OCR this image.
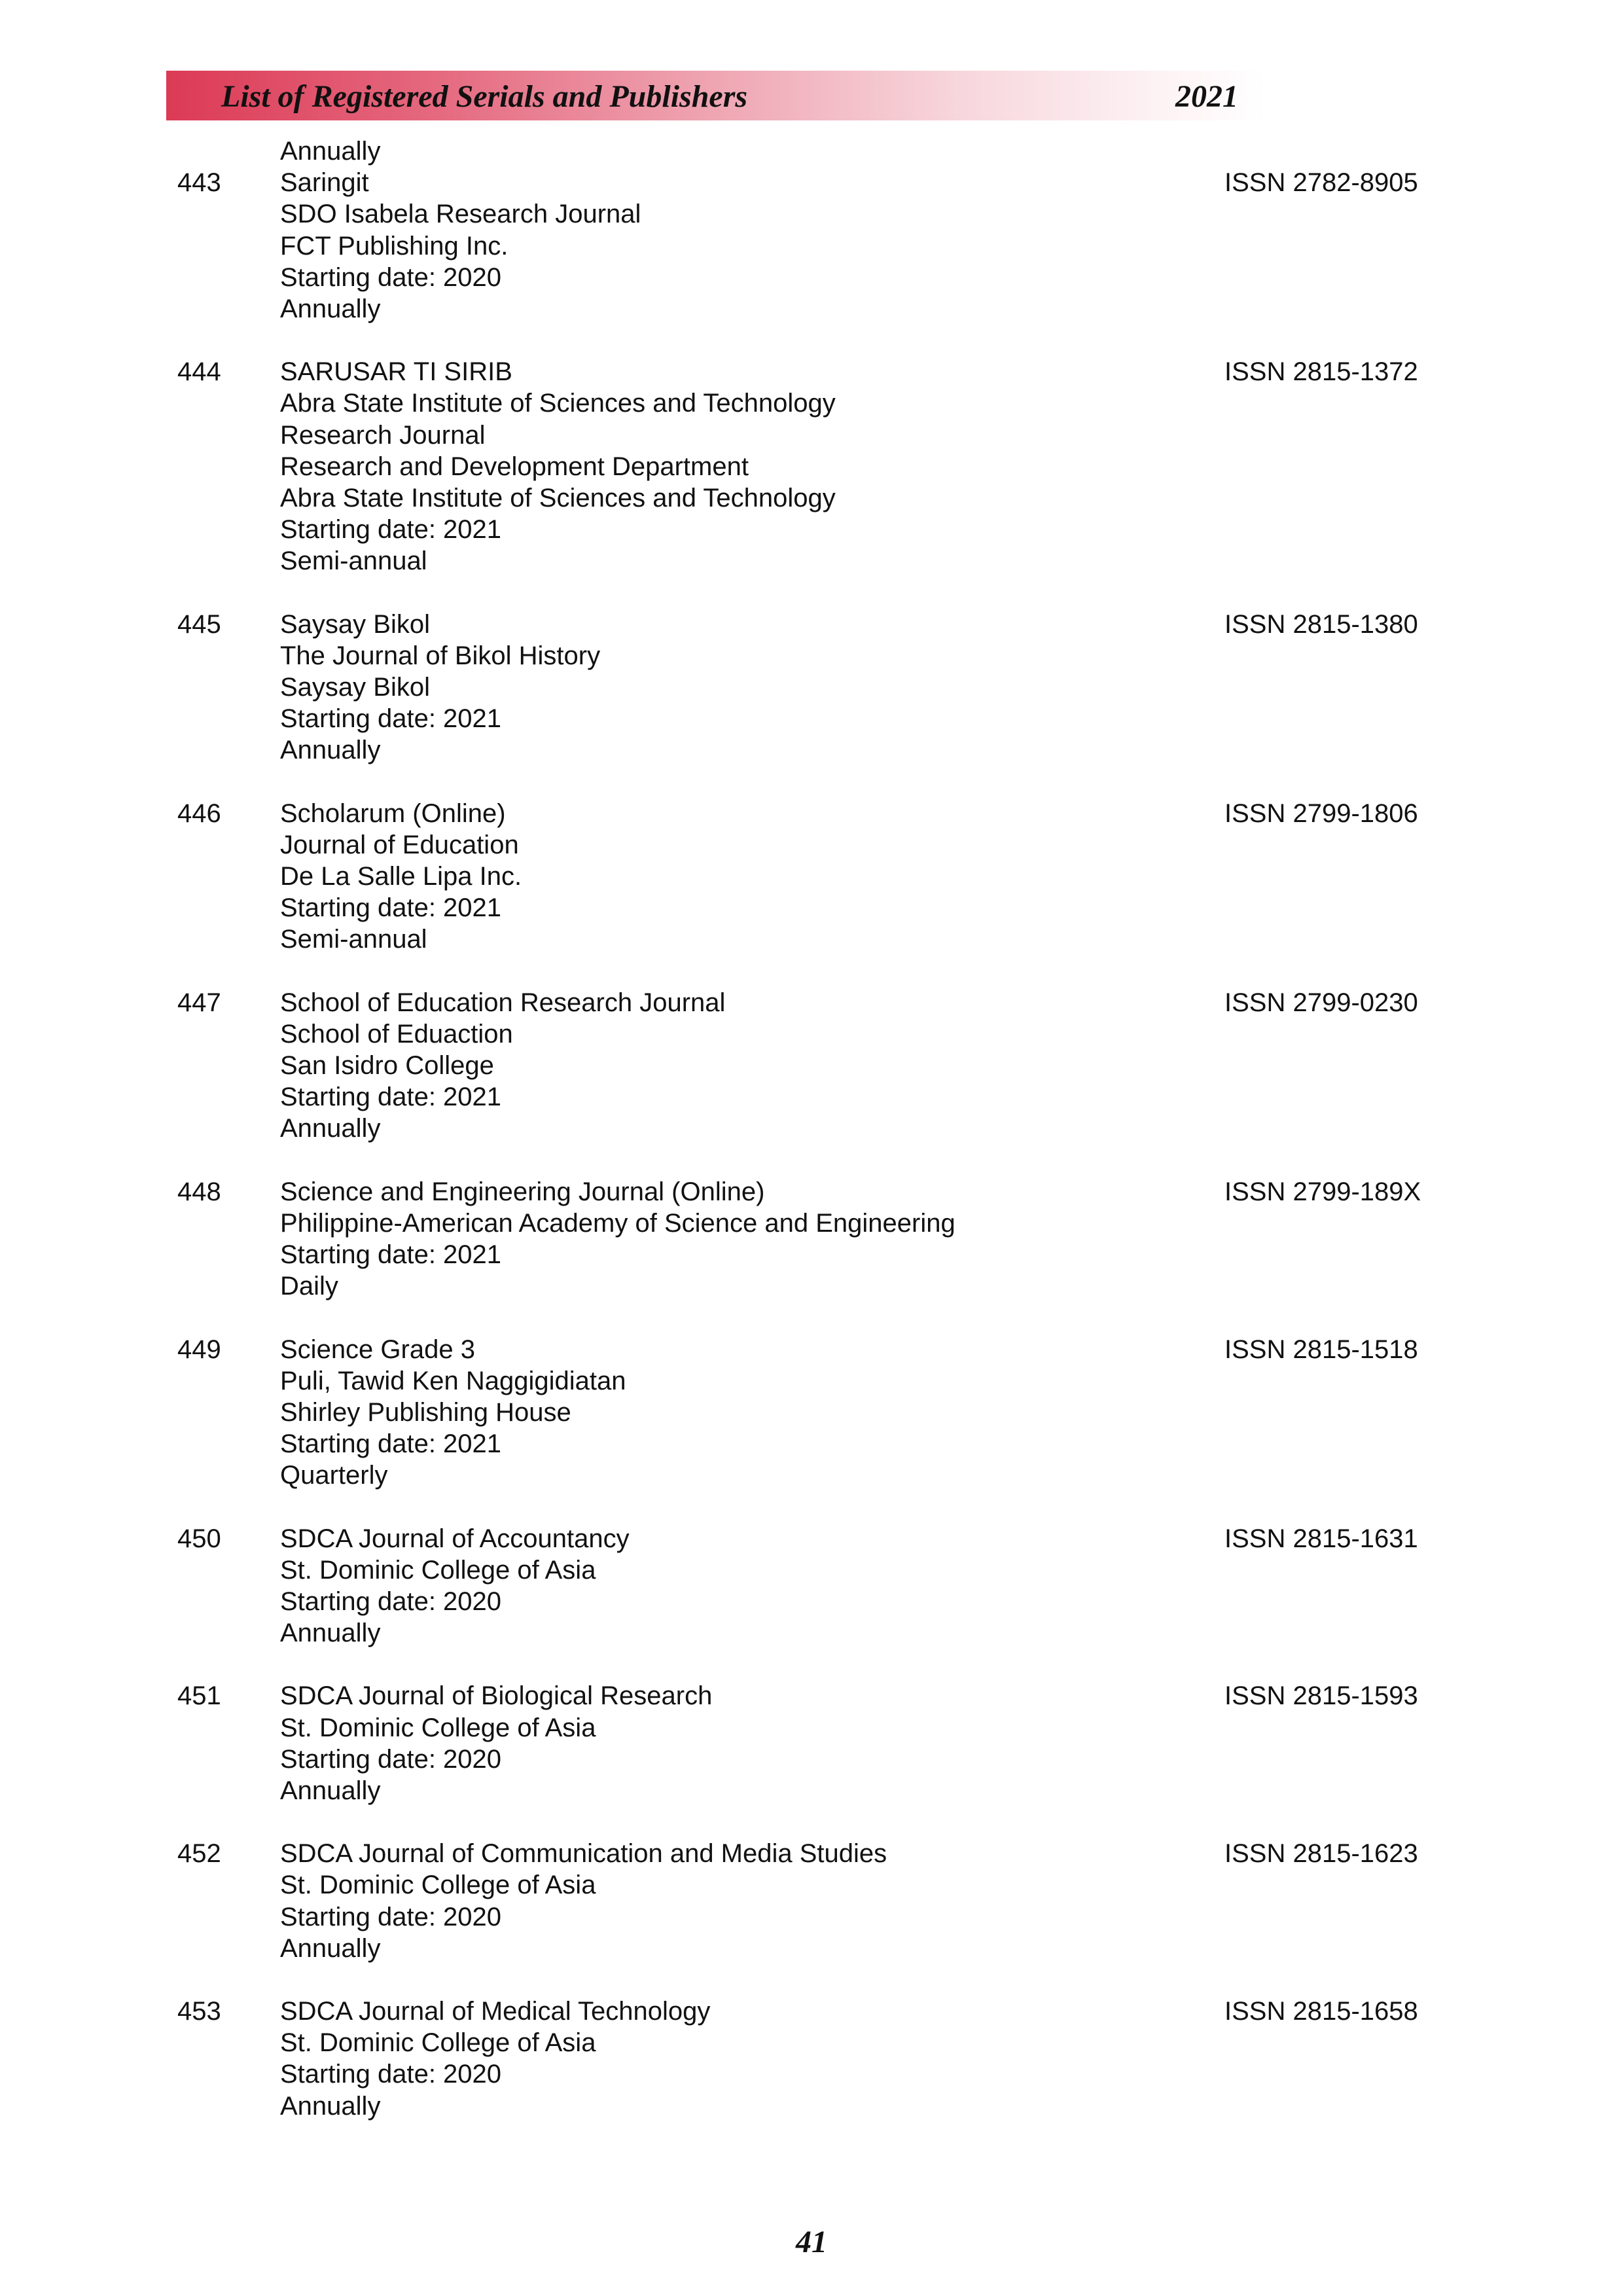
List of Registered Serials and Publishers	2021
Annually
443 Saringit
SDO Isabela Research Journal
FCT Publishing Inc.
Starting date: 2020
Annually
ISSN 2782-8905
444 SARUSAR TI SIRIB
Abra State Institute of Sciences and Technology
Research Journal
Research and Development Department
Abra State Institute of Sciences and Technology
Starting date: 2021
Semi-annual
ISSN 2815-1372
445 Saysay Bikol
The Journal of Bikol History
Saysay Bikol
Starting date: 2021
Annually
ISSN 2815-1380
446 Scholarum (Online)
Journal of Education
De La Salle Lipa Inc.
Starting date: 2021
Semi-annual
ISSN 2799-1806
447 School of Education Research Journal
School of Eduaction
San Isidro College
Starting date: 2021
Annually
ISSN 2799-0230
448 Science and Engineering Journal (Online)
Philippine-American Academy of Science and Engineering
Starting date: 2021
Daily
ISSN 2799-189X
449 Science Grade 3
Puli, Tawid Ken Naggigidiatan
Shirley Publishing House
Starting date: 2021
Quarterly
ISSN 2815-1518
450 SDCA Journal of Accountancy
St. Dominic College of Asia
Starting date: 2020
Annually
ISSN 2815-1631
451 SDCA Journal of Biological Research
St. Dominic College of Asia
Starting date: 2020
Annually
ISSN 2815-1593
452 SDCA Journal of Communication and Media Studies
St. Dominic College of Asia
Starting date: 2020
Annually
ISSN 2815-1623
453 SDCA Journal of Medical Technology
St. Dominic College of Asia
Starting date: 2020
Annually
ISSN 2815-1658
41
